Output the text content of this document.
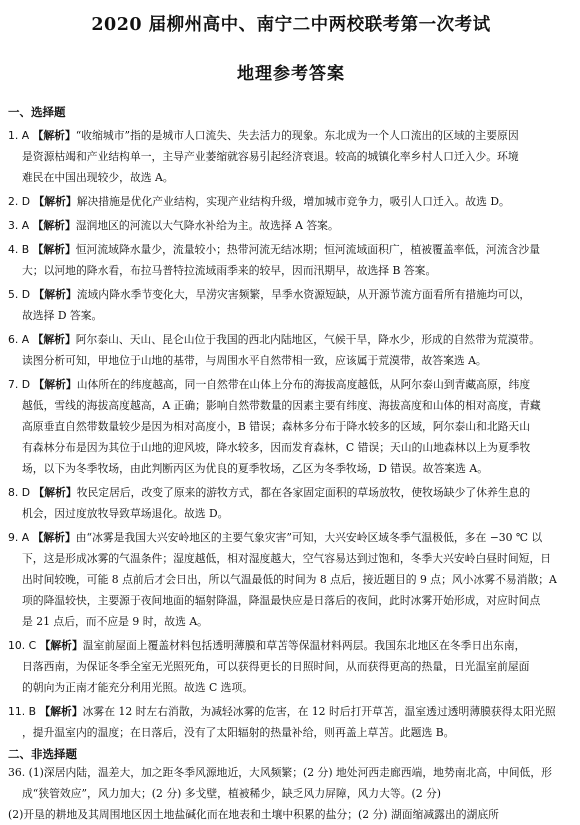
2020 届柳州高中、南宁二中两校联考第一次考试
地理参考答案
一、选择题
1. A 【解析】“收缩城市”指的是城市人口流失、失去活力的现象。东北成为一个人口流出的区域的主要原因
是资源枯竭和产业结构单一，主导产业萎缩就容易引起经济衰退。较高的城镇化率乡村人口迁入少。环境
难民在中国出现较少，故选 A。
2. D 【解析】解决措施是优化产业结构，实现产业结构升级，增加城市竞争力，吸引人口迁入。故选 D。
3. A 【解析】湿润地区的河流以大气降水补给为主。故选择 A 答案。
4. B 【解析】恒河流域降水量少，流量较小；热带河流无结冰期；恒河流域面积广，植被覆盖率低，河流含沙量
大；以河地的降水看，布拉马普特拉流域雨季来的较早，因而汛期早，故选择 B 答案。
5. D 【解析】流域内降水季节变化大，旱涝灾害频繁，旱季水资源短缺，从开源节流方面看所有措施均可以，
故选择 D 答案。
6. A 【解析】阿尔泰山、天山、昆仑山位于我国的西北内陆地区，气候干旱，降水少，形成的自然带为荒漠带。
读图分析可知，甲地位于山地的基带，与周围水平自然带相一致，应该属于荒漠带，故答案选 A。
7. D 【解析】山体所在的纬度越高，同一自然带在山体上分布的海拔高度越低，从阿尔泰山到青藏高原，纬度
越低，雪线的海拔高度越高，A 正确；影响自然带数量的因素主要有纬度、海拔高度和山体的相对高度，青藏
高原垂直自然带数量较少是因为相对高度小，B 错误；森林多分布于降水较多的区域，阿尔泰山和北路天山
有森林分布是因为其位于山地的迎风坡，降水较多，因而发育森林，C 错误；天山的山地森林以上为夏季牧
场，以下为冬季牧场，由此判断丙区为优良的夏季牧场，乙区为冬季牧场，D 错误。故答案选 A。
8. D 【解析】牧民定居后，改变了原来的游牧方式，都在各家固定面积的草场放牧，使牧场缺少了休养生息的
机会，因过度放牧导致草场退化。故选 D。
9. A 【解析】由“冰雾是我国大兴安岭地区的主要气象灾害”可知，大兴安岭区域冬季气温极低，多在 −30 ℃ 以
下，这是形成冰雾的气温条件；湿度越低，相对湿度越大，空气容易达到过饱和，冬季大兴安岭白昼时间短，日
出时间较晚，可能 8 点前后才会日出，所以气温最低的时间为 8 点后，接近题目的 9 点；风小冰雾不易消散；A
项的降温较快，主要源于夜间地面的辐射降温，降温最快应是日落后的夜间，此时冰雾开始形成，对应时间点
是 21 点后，而不应是 9 时，故选 A。
10. C 【解析】温室前屋面上覆盖材料包括透明薄膜和草苫等保温材料两层。我国东北地区在冬季日出东南，
日落西南，为保证冬季全室无光照死角，可以获得更长的日照时间，从而获得更高的热量，日光温室前屋面
的朝向为正南才能充分利用光照。故选 C 选项。
11. B 【解析】冰雾在 12 时左右消散，为减轻冰雾的危害，在 12 时后打开草苫，温室透过透明薄膜获得太阳光照
，提升温室内的温度；在日落后，没有了太阳辐射的热量补给，则再盖上草苫。此题选 B。
二、非选择题
36. (1)深居内陆，温差大，加之距冬季风源地近，大风频繁；(2 分) 地处河西走廊西端，地势南北高，中间低，形
成“狭管效应”，风力加大；(2 分) 多戈壁，植被稀少，缺乏风力屏障，风力大等。(2 分)
(2)开垦的耕地及其周围地区因土地盐碱化而在地表和土壤中积累的盐分；(2 分) 湖面缩减露出的湖底所
